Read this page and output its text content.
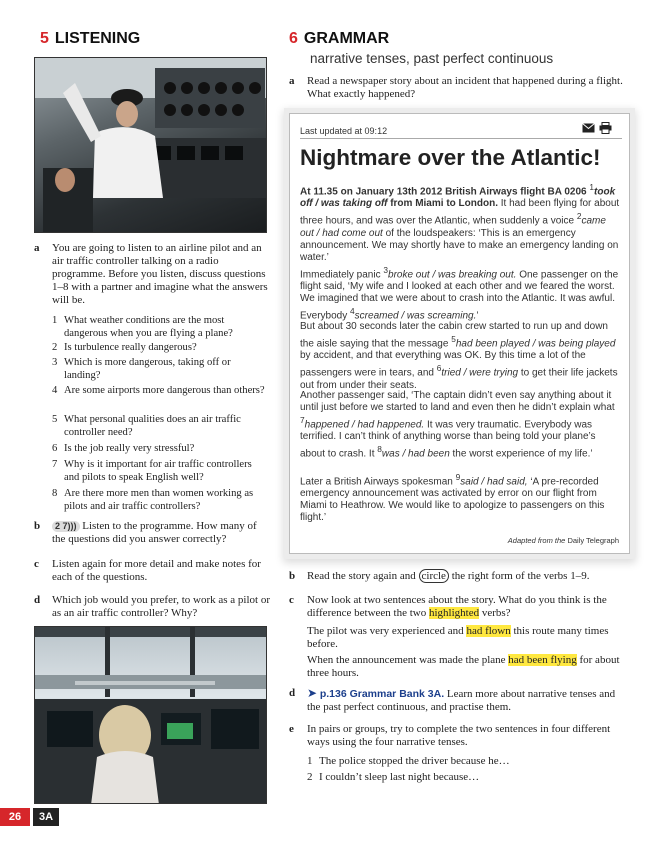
5 LISTENING
a You are going to listen to an airline pilot and an air traffic controller talking on a radio programme. Before you listen, discuss questions 1–8 with a partner and imagine what the answers will be.
1 What weather conditions are the most dangerous when you are flying a plane?
2 Is turbulence really dangerous?
3 Which is more dangerous, taking off or landing?
4 Are some airports more dangerous than others?
5 What personal qualities does an air traffic controller need?
6 Is the job really very stressful?
7 Why is it important for air traffic controllers and pilots to speak English well?
8 Are there more men than women working as pilots and air traffic controllers?
b	2 7))) Listen to the programme. How many of the questions did you answer correctly?
c Listen again for more detail and make notes for each of the questions.
d Which job would you prefer, to work as a pilot or as an air traffic controller? Why?
6 GRAMMAR
narrative tenses, past perfect continuous
a Read a newspaper story about an incident that happened during a flight. What exactly happened?
Last updated at 09:12
Nightmare over the Atlantic!
At 11.35 on January 13th 2012 British Airways flight BA 0206 $^1$took off / was taking off from Miami to London. It had been flying for about three hours, and was over the Atlantic, when suddenly a voice $^2$came out / had come out of the loudspeakers: ‘This is an emergency announcement. We may shortly have to make an emergency landing on water.’
Immediately panic $^3$broke out / was breaking out. One passenger on the flight said, ‘My wife and I looked at each other and we feared the worst. We imagined that we were about to crash into the Atlantic. It was awful. Everybody $^4$screamed / was screaming.’
But about 30 seconds later the cabin crew started to run up and down the aisle saying that the message $^5$had been played / was being played by accident, and that everything was OK. By this time a lot of the passengers were in tears, and $^6$tried / were trying to get their life jackets out from under their seats.
Another passenger said, ‘The captain didn’t even say anything about it until just before we started to land and even then he didn’t explain what $^7$happened / had happened. It was very traumatic. Everybody was terrified. I can’t think of anything worse than being told your plane’s about to crash. It $^8$was / had been the worst experience of my life.’
Later a British Airways spokesman $^9$said / had said, ‘A pre-recorded emergency announcement was activated by error on our flight from Miami to Heathrow. We would like to apologize to passengers on this flight.’
Adapted from the Daily Telegraph
b Read the story again and circle the right form of the verbs 1–9.
c Now look at two sentences about the story. What do you think is the difference between the two highlighted verbs?
The pilot was very experienced and had flown this route many times before.
When the announcement was made the plane had been flying for about three hours.
d ➤ p.136 Grammar Bank 3A. Learn more about narrative tenses and the past perfect continuous, and practise them.
e In pairs or groups, try to complete the two sentences in four different ways using the four narrative tenses.
1 The police stopped the driver because he…
2 I couldn’t sleep last night because…
26	3A
